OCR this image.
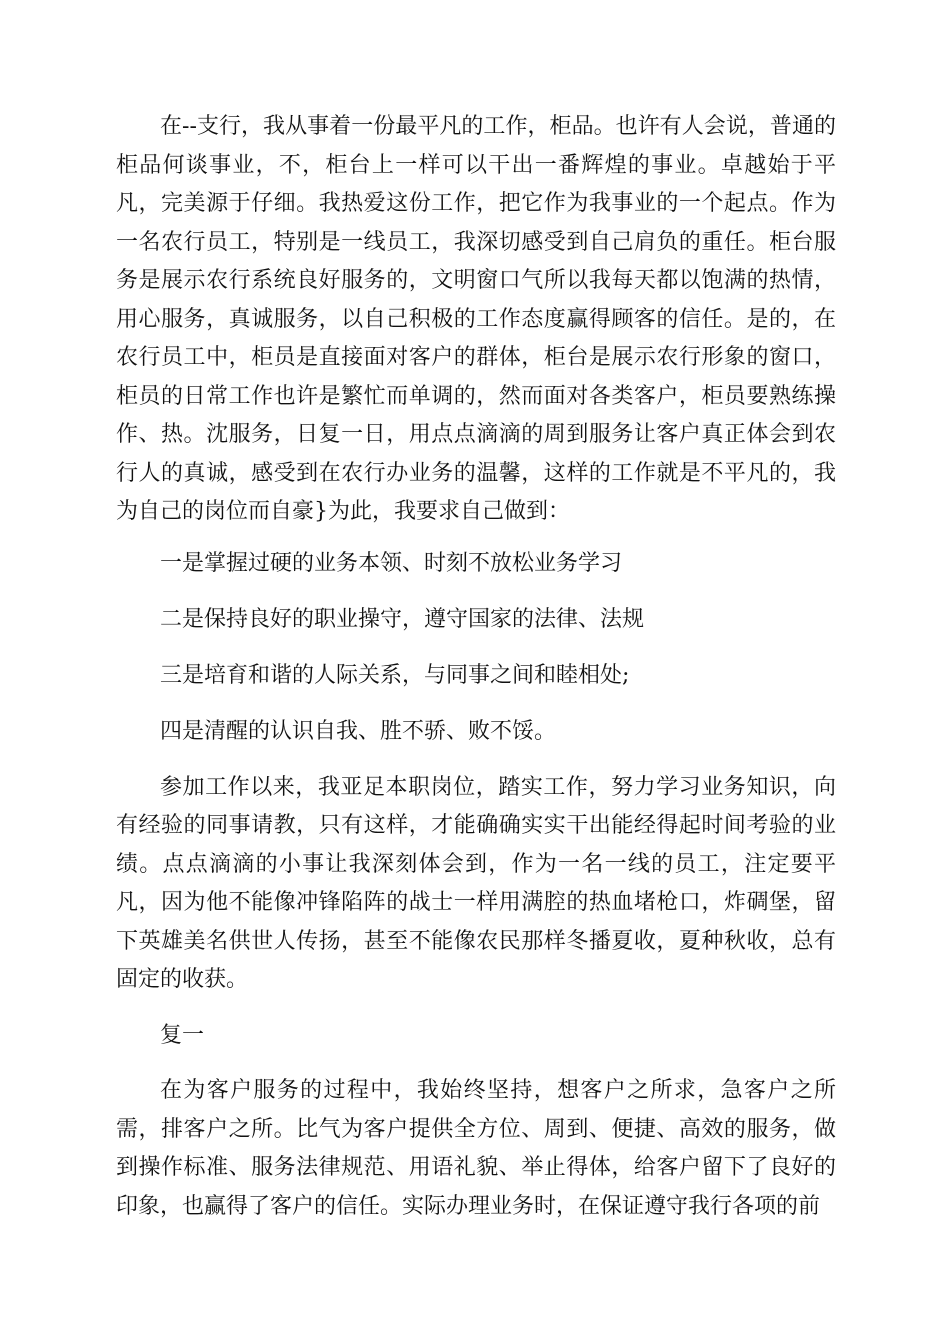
在--支行，我从事着一份最平凡的工作，柜品。也许有人会说，普通的柜品何谈事业，不，柜台上一样可以干出一番辉煌的事业。卓越始于平凡，完美源于仔细。我热爱这份工作，把它作为我事业的一个起点。作为一名农行员工，特别是一线员工，我深切感受到自己肩负的重任。柜台服务是展示农行系统良好服务的，文明窗口气所以我每天都以饱满的热情，用心服务，真诚服务，以自己积极的工作态度赢得顾客的信任。是的，在农行员工中，柜员是直接面对客户的群体，柜台是展示农行形象的窗口，柜员的日常工作也许是繁忙而单调的，然而面对各类客户，柜员要熟练操作、热。沈服务，日复一日，用点点滴滴的周到服务让客户真正体会到农行人的真诚，感受到在农行办业务的温馨，这样的工作就是不平凡的，我为自己的岗位而自豪}为此，我要求自己做到：

一是掌握过硬的业务本领、时刻不放松业务学习

二是保持良好的职业操守，遵守国家的法律、法规

三是培育和谐的人际关系，与同事之间和睦相处;

四是清醒的认识自我、胜不骄、败不馁。

参加工作以来，我亚足本职岗位，踏实工作，努力学习业务知识，向有经验的同事请教，只有这样，才能确确实实干出能经得起时间考验的业绩。点点滴滴的小事让我深刻体会到，作为一名一线的员工，注定要平凡，因为他不能像冲锋陷阵的战士一样用满腔的热血堵枪口，炸碉堡，留下英雄美名供世人传扬，甚至不能像农民那样冬播夏收，夏种秋收，总有固定的收获。

复一

在为客户服务的过程中，我始终坚持，想客户之所求，急客户之所需，排客户之所。比气为客户提供全方位、周到、便捷、高效的服务，做到操作标准、服务法律规范、用语礼貌、举止得体，给客户留下了良好的印象，也赢得了客户的信任。实际办理业务时，在保证遵守我行各项的前
